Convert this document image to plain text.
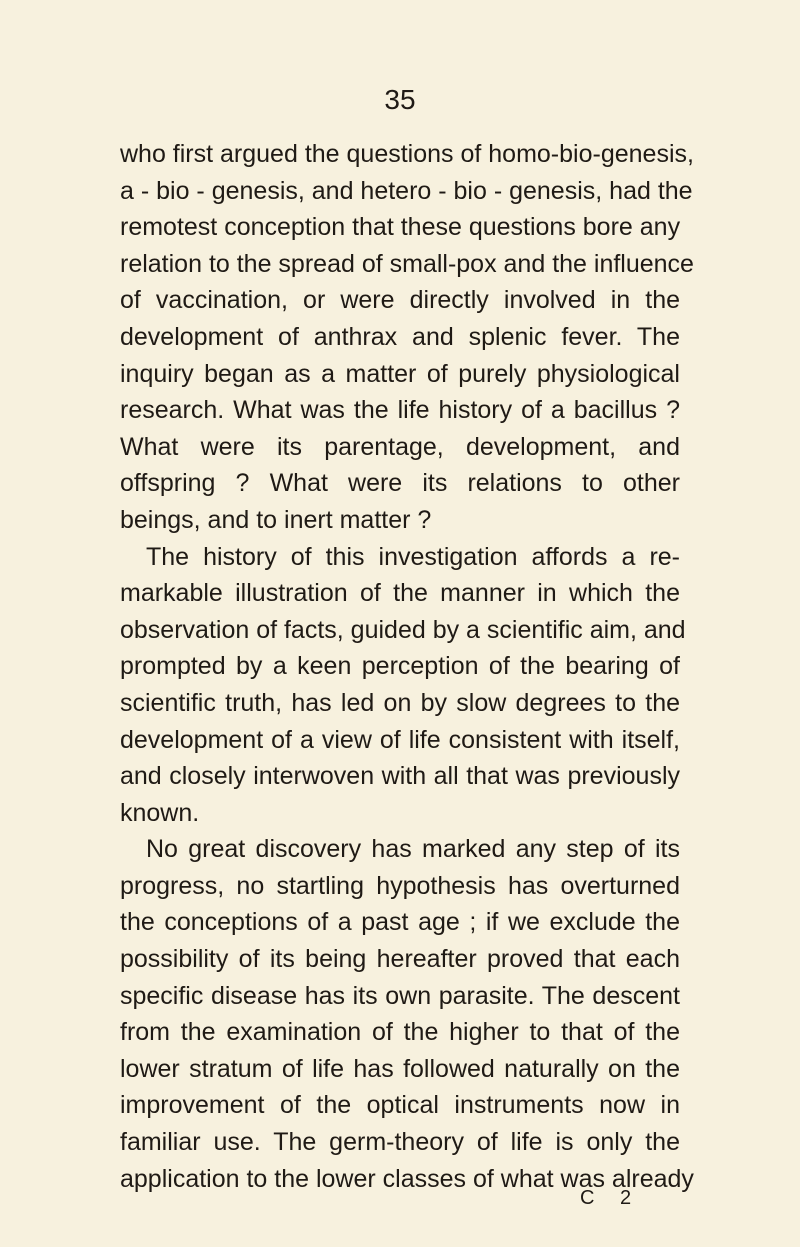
35
who first argued the questions of homo-bio-genesis,
a - bio - genesis, and hetero - bio - genesis, had the
remotest conception that these questions bore any
relation to the spread of small-pox and the influence
of vaccination, or were directly involved in the
development of anthrax and splenic fever. The
inquiry began as a matter of purely physiological
research. What was the life history of a bacillus ?
What were its parentage, development, and
offspring ? What were its relations to other
beings, and to inert matter ?
The history of this investigation affords a re-
markable illustration of the manner in which the
observation of facts, guided by a scientific aim, and
prompted by a keen perception of the bearing of
scientific truth, has led on by slow degrees to the
development of a view of life consistent with itself,
and closely interwoven with all that was previously
known.
No great discovery has marked any step of its
progress, no startling hypothesis has overturned
the conceptions of a past age ; if we exclude the
possibility of its being hereafter proved that each
specific disease has its own parasite. The descent
from the examination of the higher to that of the
lower stratum of life has followed naturally on the
improvement of the optical instruments now in
familiar use. The germ-theory of life is only the
application to the lower classes of what was already
C 2
